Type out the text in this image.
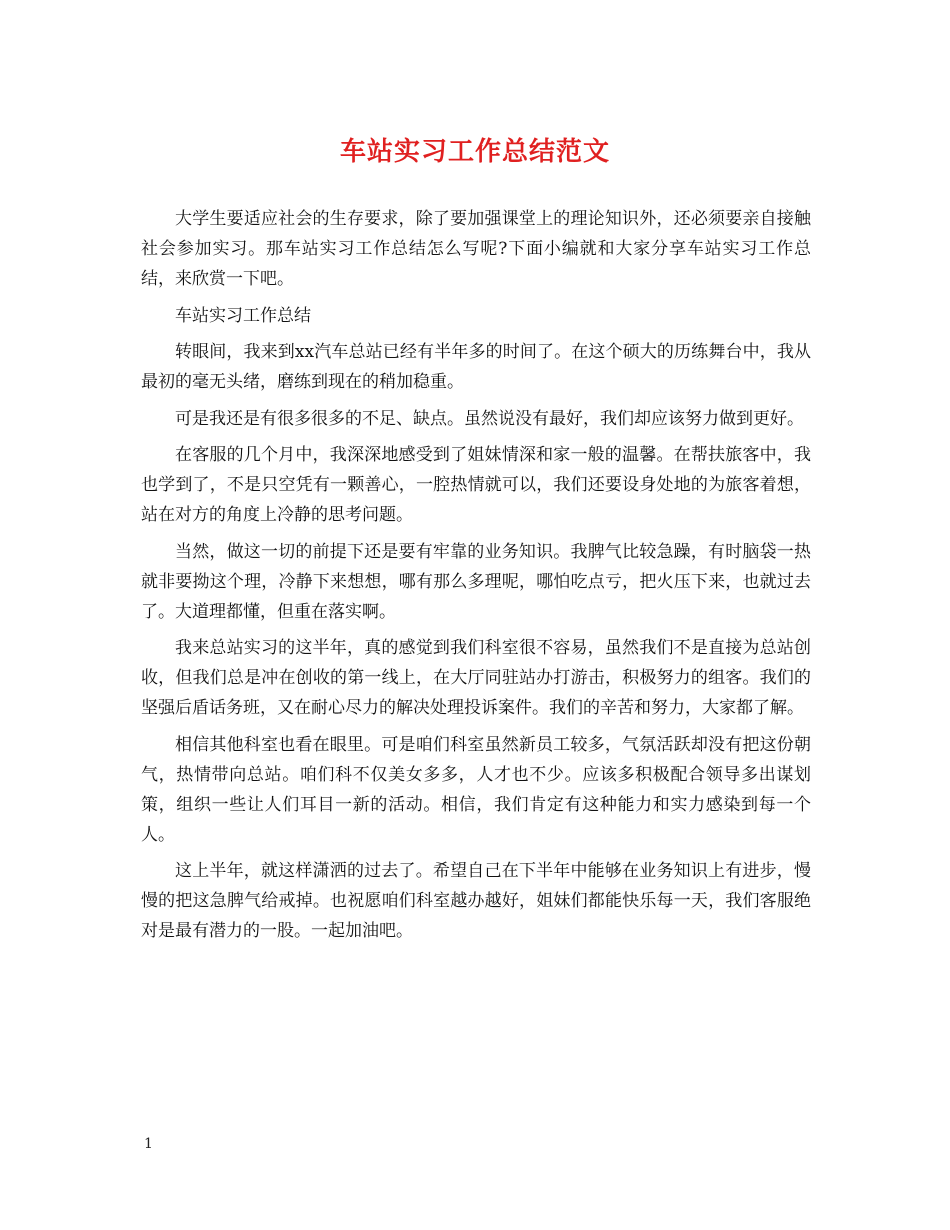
车站实习工作总结范文

大学生要适应社会的生存要求，除了要加强课堂上的理论知识外，还必须要亲自接触社会参加实习。那车站实习工作总结怎么写呢?下面小编就和大家分享车站实习工作总结，来欣赏一下吧。

车站实习工作总结

转眼间，我来到xx汽车总站已经有半年多的时间了。在这个硕大的历练舞台中，我从最初的毫无头绪，磨练到现在的稍加稳重。

可是我还是有很多很多的不足、缺点。虽然说没有最好，我们却应该努力做到更好。

在客服的几个月中，我深深地感受到了姐妹情深和家一般的温馨。在帮扶旅客中，我也学到了，不是只空凭有一颗善心，一腔热情就可以，我们还要设身处地的为旅客着想，站在对方的角度上冷静的思考问题。

当然，做这一切的前提下还是要有牢靠的业务知识。我脾气比较急躁，有时脑袋一热就非要拗这个理，冷静下来想想，哪有那么多理呢，哪怕吃点亏，把火压下来，也就过去了。大道理都懂，但重在落实啊。

我来总站实习的这半年，真的感觉到我们科室很不容易，虽然我们不是直接为总站创收，但我们总是冲在创收的第一线上，在大厅同驻站办打游击，积极努力的组客。我们的坚强后盾话务班，又在耐心尽力的解决处理投诉案件。我们的辛苦和努力，大家都了解。

相信其他科室也看在眼里。可是咱们科室虽然新员工较多，气氛活跃却没有把这份朝气，热情带向总站。咱们科不仅美女多多，人才也不少。应该多积极配合领导多出谋划策，组织一些让人们耳目一新的活动。相信，我们肯定有这种能力和实力感染到每一个人。

这上半年，就这样潇洒的过去了。希望自己在下半年中能够在业务知识上有进步，慢慢的把这急脾气给戒掉。也祝愿咱们科室越办越好，姐妹们都能快乐每一天，我们客服绝对是最有潜力的一股。一起加油吧。

1
